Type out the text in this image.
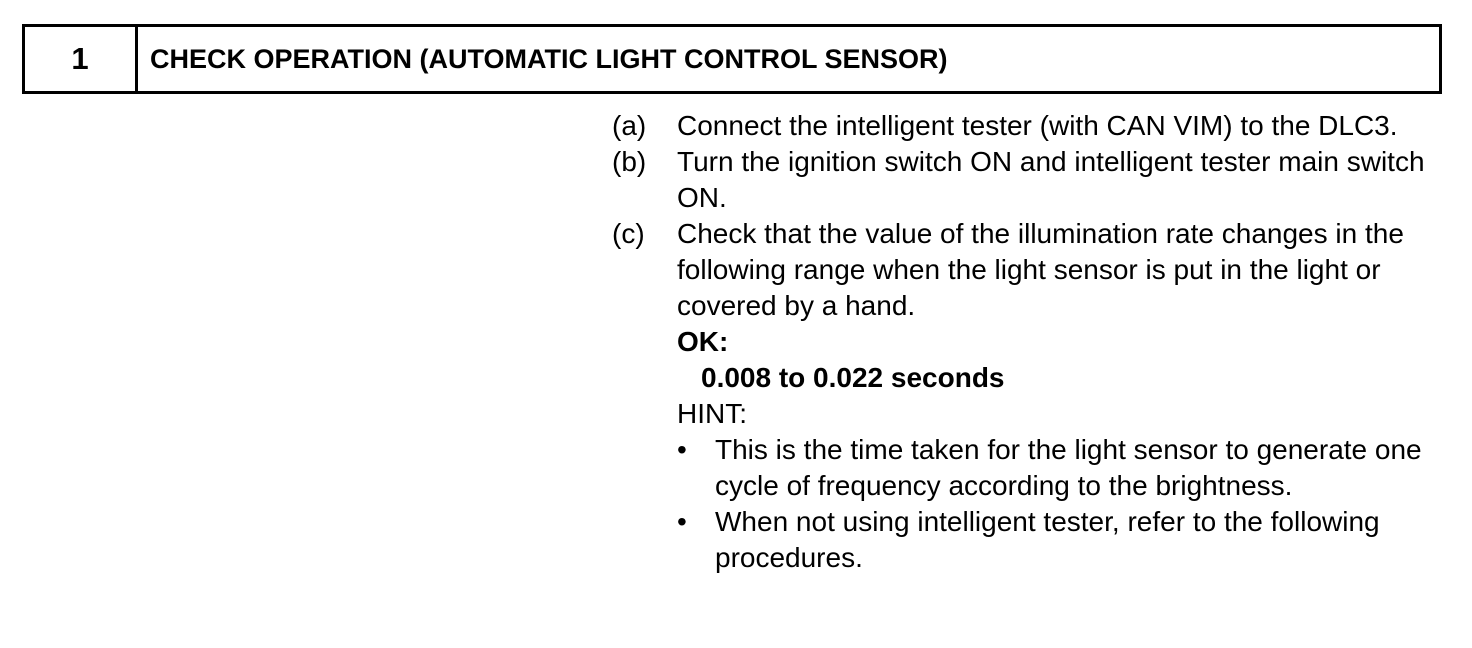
1	CHECK OPERATION (AUTOMATIC LIGHT CONTROL SENSOR)
(a)	Connect the intelligent tester (with CAN VIM) to the DLC3.
(b)	Turn the ignition switch ON and intelligent tester main switch ON.
(c)	Check that the value of the illumination rate changes in the following range when the light sensor is put in the light or covered by a hand.
OK:
0.008 to 0.022 seconds
HINT:
•	This is the time taken for the light sensor to generate one cycle of frequency according to the brightness.
•	When not using intelligent tester, refer to the following procedures.
